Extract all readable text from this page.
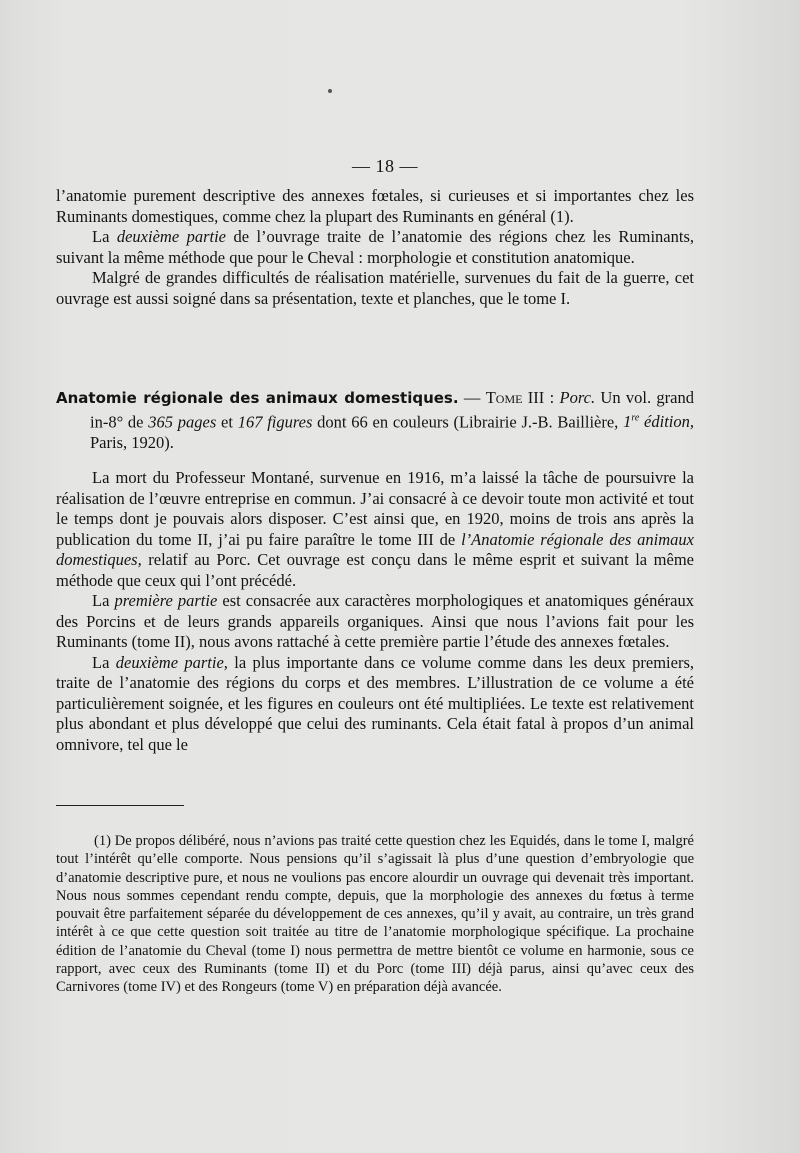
— 18 —

l’anatomie purement descriptive des annexes fœtales, si curieuses et si importantes chez les Ruminants domestiques, comme chez la plupart des Ruminants en général (1).

La deuxième partie de l’ouvrage traite de l’anatomie des régions chez les Ruminants, suivant la même méthode que pour le Cheval : morphologie et constitution anatomique.

Malgré de grandes difficultés de réalisation matérielle, survenues du fait de la guerre, cet ouvrage est aussi soigné dans sa présentation, texte et planches, que le tome I.

Anatomie régionale des animaux domestiques. — Tome III : Porc. Un vol. grand in-8° de 365 pages et 167 figures dont 66 en couleurs (Librairie J.-B. Baillière, 1re édition, Paris, 1920).

La mort du Professeur Montané, survenue en 1916, m’a laissé la tâche de poursuivre la réalisation de l’œuvre entreprise en commun. J’ai consacré à ce devoir toute mon activité et tout le temps dont je pouvais alors disposer. C’est ainsi que, en 1920, moins de trois ans après la publication du tome II, j’ai pu faire paraître le tome III de l’Anatomie régionale des animaux domestiques, relatif au Porc. Cet ouvrage est conçu dans le même esprit et suivant la même méthode que ceux qui l’ont précédé.

La première partie est consacrée aux caractères morphologiques et anatomiques généraux des Porcins et de leurs grands appareils organiques. Ainsi que nous l’avions fait pour les Ruminants (tome II), nous avons rattaché à cette première partie l’étude des annexes fœtales.

La deuxième partie, la plus importante dans ce volume comme dans les deux premiers, traite de l’anatomie des régions du corps et des membres. L’illustration de ce volume a été particulièrement soignée, et les figures en couleurs ont été multipliées. Le texte est relativement plus abondant et plus développé que celui des ruminants. Cela était fatal à propos d’un animal omnivore, tel que le

(1) De propos délibéré, nous n’avions pas traité cette question chez les Equidés, dans le tome I, malgré tout l’intérêt qu’elle comporte. Nous pensions qu’il s’agissait là plus d’une question d’embryologie que d’anatomie descriptive pure, et nous ne voulions pas encore alourdir un ouvrage qui devenait très important. Nous nous sommes cependant rendu compte, depuis, que la morphologie des annexes du fœtus à terme pouvait être parfaitement séparée du développement de ces annexes, qu’il y avait, au contraire, un très grand intérêt à ce que cette question soit traitée au titre de l’anatomie morphologique spécifique. La prochaine édition de l’anatomie du Cheval (tome I) nous permettra de mettre bientôt ce volume en harmonie, sous ce rapport, avec ceux des Ruminants (tome II) et du Porc (tome III) déjà parus, ainsi qu’avec ceux des Carnivores (tome IV) et des Rongeurs (tome V) en préparation déjà avancée.
